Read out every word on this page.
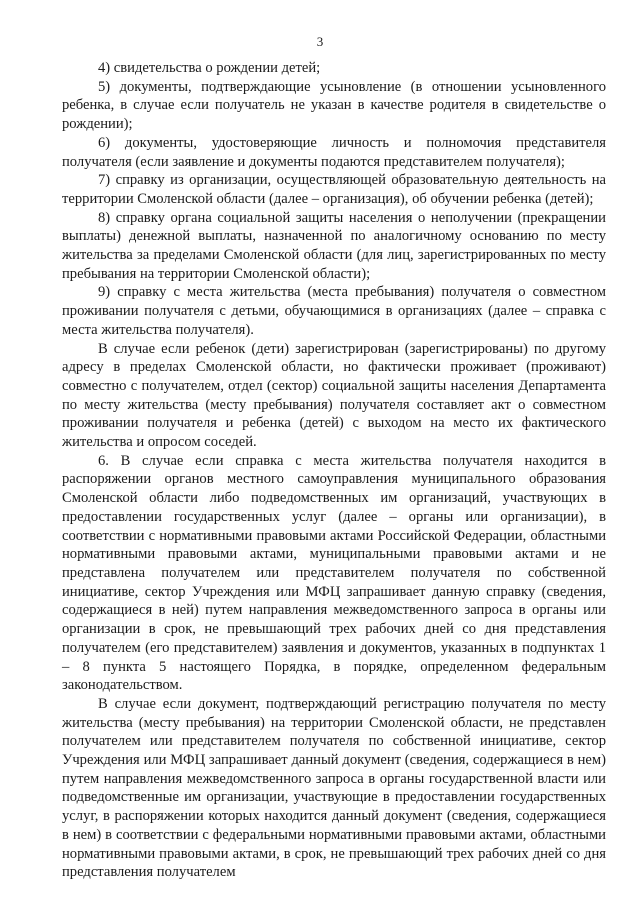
3

4) свидетельства о рождении детей;

5) документы, подтверждающие усыновление (в отношении усыновленного ребенка, в случае если получатель не указан в качестве родителя в свидетельстве о рождении);

6) документы, удостоверяющие личность и полномочия представителя получателя (если заявление и документы подаются представителем получателя);

7) справку из организации, осуществляющей образовательную деятельность на территории Смоленской области (далее – организация), об обучении ребенка (детей);

8) справку органа социальной защиты населения о неполучении (прекращении выплаты) денежной выплаты, назначенной по аналогичному основанию по месту жительства за пределами Смоленской области (для лиц, зарегистрированных по месту пребывания на территории Смоленской области);

9) справку с места жительства (места пребывания) получателя о совместном проживании получателя с детьми, обучающимися в организациях (далее – справка с места жительства получателя).

В случае если ребенок (дети) зарегистрирован (зарегистрированы) по другому адресу в пределах Смоленской области, но фактически проживает (проживают) совместно с получателем, отдел (сектор) социальной защиты населения Департамента по месту жительства (месту пребывания) получателя составляет акт о совместном проживании получателя и ребенка (детей) с выходом на место их фактического жительства и опросом соседей.

6. В случае если справка с места жительства получателя находится в распоряжении органов местного самоуправления муниципального образования Смоленской области либо подведомственных им организаций, участвующих в предоставлении государственных услуг (далее – органы или организации), в соответствии с нормативными правовыми актами Российской Федерации, областными нормативными правовыми актами, муниципальными правовыми актами и не представлена получателем или представителем получателя по собственной инициативе, сектор Учреждения или МФЦ запрашивает данную справку (сведения, содержащиеся в ней) путем направления межведомственного запроса в органы или организации в срок, не превышающий трех рабочих дней со дня представления получателем (его представителем) заявления и документов, указанных в подпунктах 1 – 8 пункта 5 настоящего Порядка, в порядке, определенном федеральным законодательством.

В случае если документ, подтверждающий регистрацию получателя по месту жительства (месту пребывания) на территории Смоленской области, не представлен получателем или представителем получателя по собственной инициативе, сектор Учреждения или МФЦ запрашивает данный документ (сведения, содержащиеся в нем) путем направления межведомственного запроса в органы государственной власти или подведомственные им организации, участвующие в предоставлении государственных услуг, в распоряжении которых находится данный документ (сведения, содержащиеся в нем) в соответствии с федеральными нормативными правовыми актами, областными нормативными правовыми актами, в срок, не превышающий трех рабочих дней со дня представления получателем
